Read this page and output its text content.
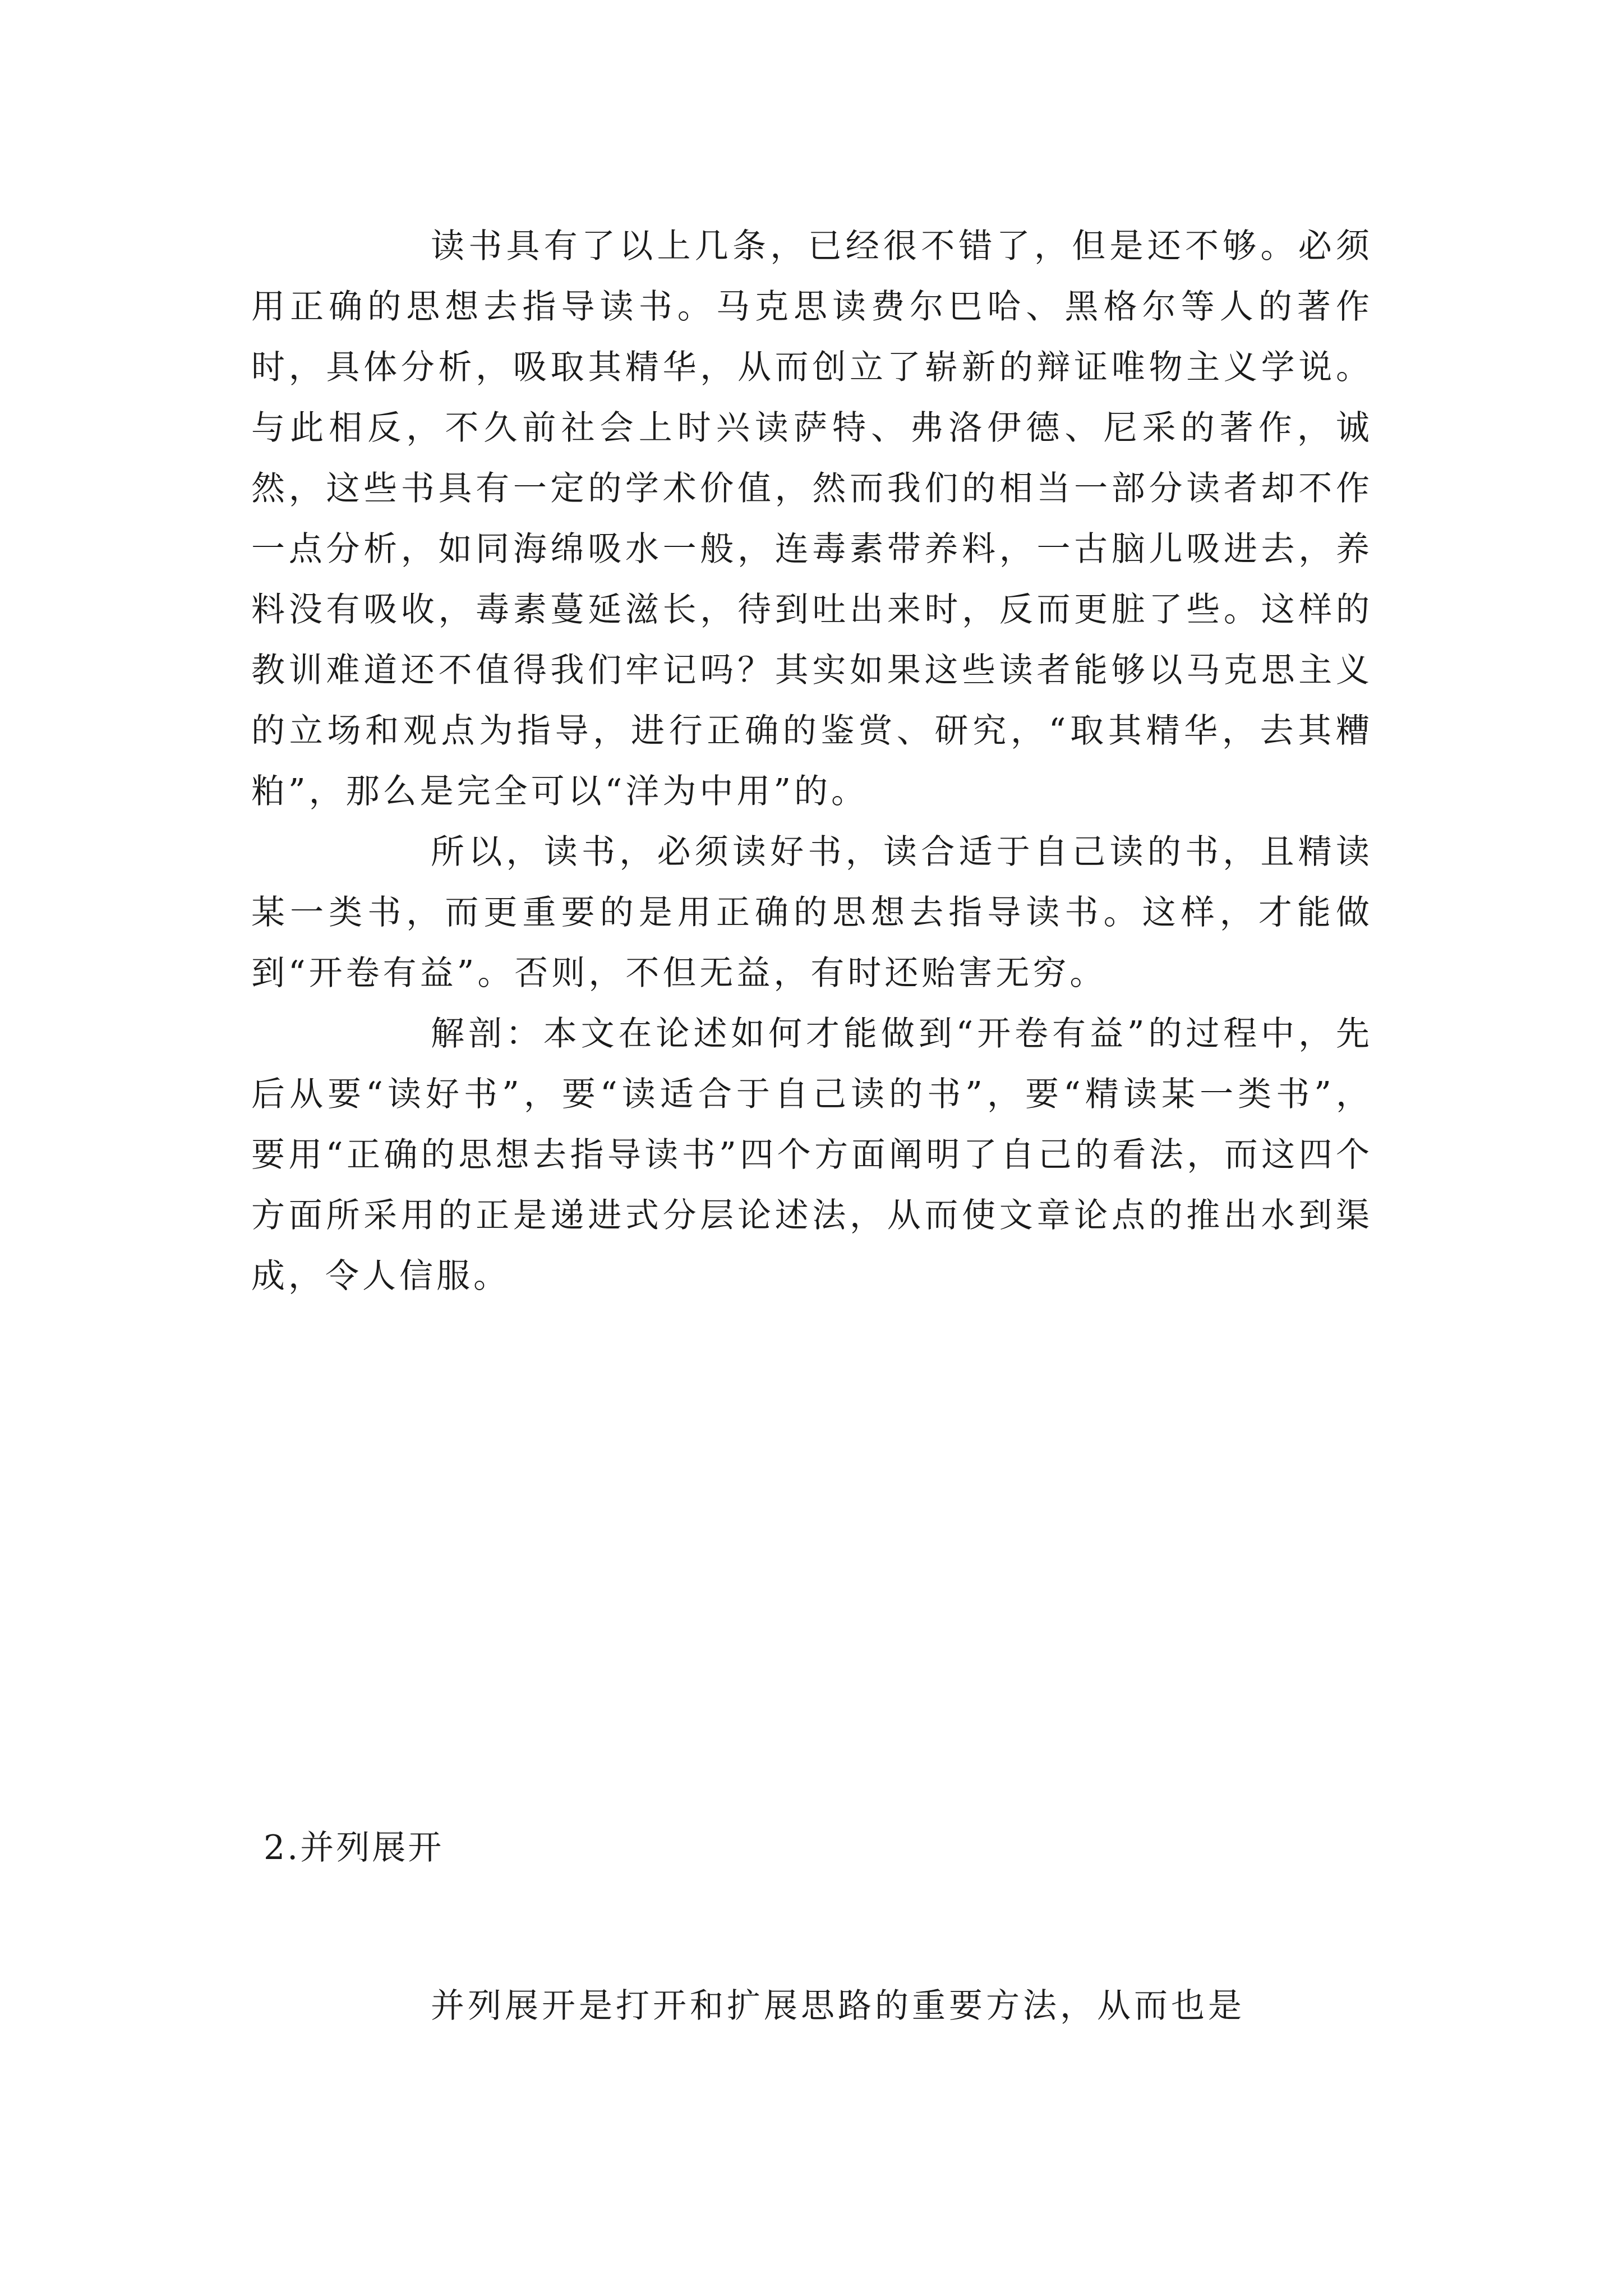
读书具有了以上几条，已经很不错了，但是还不够。必须用正确的思想去指导读书。马克思读费尔巴哈、黑格尔等人的著作时，具体分析，吸取其精华，从而创立了崭新的辩证唯物主义学说。与此相反，不久前社会上时兴读萨特、弗洛伊德、尼采的著作，诚然，这些书具有一定的学术价值，然而我们的相当一部分读者却不作一点分析，如同海绵吸水一般，连毒素带养料，一古脑儿吸进去，养料没有吸收，毒素蔓延滋长，待到吐出来时，反而更脏了些。这样的教训难道还不值得我们牢记吗？其实如果这些读者能够以马克思主义的立场和观点为指导，进行正确的鉴赏、研究，“取其精华，去其糟粕”，那么是完全可以“洋为中用”的。

所以，读书，必须读好书，读合适于自己读的书，且精读某一类书，而更重要的是用正确的思想去指导读书。这样，才能做到“开卷有益”。否则，不但无益，有时还贻害无穷。

解剖：本文在论述如何才能做到“开卷有益”的过程中，先后从要“读好书”，要“读适合于自己读的书”，要“精读某一类书”，要用“正确的思想去指导读书”四个方面阐明了自己的看法，而这四个方面所采用的正是递进式分层论述法，从而使文章论点的推出水到渠成，令人信服。

2.并列展开

并列展开是打开和扩展思路的重要方法，从而也是
